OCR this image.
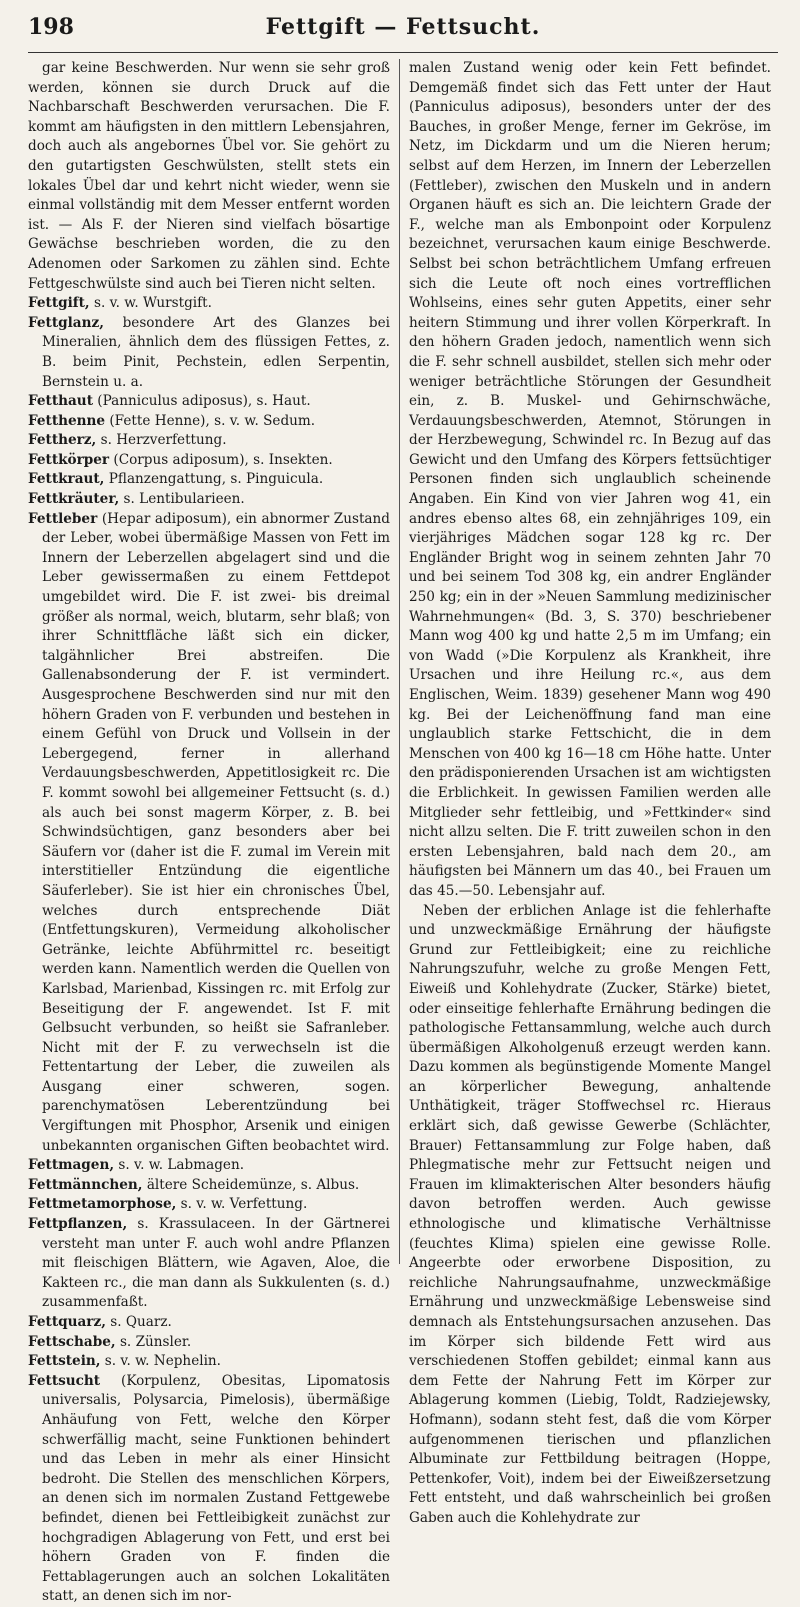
198	Fettgift — Fettsucht.

gar keine Beschwerden. Nur wenn sie sehr groß werden, können sie durch Druck auf die Nachbarschaft Beschwerden verursachen. Die F. kommt am häufigsten in den mittlern Lebensjahren, doch auch als angebornes Übel vor. Sie gehört zu den gutartigsten Geschwülsten, stellt stets ein lokales Übel dar und kehrt nicht wieder, wenn sie einmal vollständig mit dem Messer entfernt worden ist. — Als F. der Nieren sind vielfach bösartige Gewächse beschrieben worden, die zu den Adenomen oder Sarkomen zu zählen sind. Echte Fettgeschwülste sind auch bei Tieren nicht selten.

Fettgift, s. v. w. Wurstgift.

Fettglanz, besondere Art des Glanzes bei Mineralien, ähnlich dem des flüssigen Fettes, z. B. beim Pinit, Pechstein, edlen Serpentin, Bernstein u. a.

Fetthaut (Panniculus adiposus), s. Haut.

Fetthenne (Fette Henne), s. v. w. Sedum.

Fettherz, s. Herzverfettung.

Fettkörper (Corpus adiposum), s. Insekten.

Fettkraut, Pflanzengattung, s. Pinguicula.

Fettkräuter, s. Lentibularieen.

Fettleber (Hepar adiposum), ein abnormer Zustand der Leber, wobei übermäßige Massen von Fett im Innern der Leberzellen abgelagert sind und die Leber gewissermaßen zu einem Fettdepot umgebildet wird. Die F. ist zwei- bis dreimal größer als normal, weich, blutarm, sehr blaß; von ihrer Schnittfläche läßt sich ein dicker, talgähnlicher Brei abstreifen. Die Gallenabsonderung der F. ist vermindert. Ausgesprochene Beschwerden sind nur mit den höhern Graden von F. verbunden und bestehen in einem Gefühl von Druck und Vollsein in der Lebergegend, ferner in allerhand Verdauungsbeschwerden, Appetitlosigkeit rc. Die F. kommt sowohl bei allgemeiner Fettsucht (s. d.) als auch bei sonst magerm Körper, z. B. bei Schwindsüchtigen, ganz besonders aber bei Säufern vor (daher ist die F. zumal im Verein mit interstitieller Entzündung die eigentliche Säuferleber). Sie ist hier ein chronisches Übel, welches durch entsprechende Diät (Entfettungskuren), Vermeidung alkoholischer Getränke, leichte Abführmittel rc. beseitigt werden kann. Namentlich werden die Quellen von Karlsbad, Marienbad, Kissingen rc. mit Erfolg zur Beseitigung der F. angewendet. Ist F. mit Gelbsucht verbunden, so heißt sie Safranleber. Nicht mit der F. zu verwechseln ist die Fettentartung der Leber, die zuweilen als Ausgang einer schweren, sogen. parenchymatösen Leberentzündung bei Vergiftungen mit Phosphor, Arsenik und einigen unbekannten organischen Giften beobachtet wird.

Fettmagen, s. v. w. Labmagen.

Fettmännchen, ältere Scheidemünze, s. Albus.

Fettmetamorphose, s. v. w. Verfettung.

Fettpflanzen, s. Krassulaceen. In der Gärtnerei versteht man unter F. auch wohl andre Pflanzen mit fleischigen Blättern, wie Agaven, Aloe, die Kakteen rc., die man dann als Sukkulenten (s. d.) zusammenfaßt.

Fettquarz, s. Quarz.

Fettschabe, s. Zünsler.

Fettstein, s. v. w. Nephelin.

Fettsucht (Korpulenz, Obesitas, Lipomatosis universalis, Polysarcia, Pimelosis), übermäßige Anhäufung von Fett, welche den Körper schwerfällig macht, seine Funktionen behindert und das Leben in mehr als einer Hinsicht bedroht. Die Stellen des menschlichen Körpers, an denen sich im normalen Zustand Fettgewebe befindet, dienen bei Fettleibigkeit zunächst zur hochgradigen Ablagerung von Fett, und erst bei höhern Graden von F. finden die Fettablagerungen auch an solchen Lokalitäten statt, an denen sich im nor-

malen Zustand wenig oder kein Fett befindet. Demgemäß findet sich das Fett unter der Haut (Panniculus adiposus), besonders unter der des Bauches, in großer Menge, ferner im Gekröse, im Netz, im Dickdarm und um die Nieren herum; selbst auf dem Herzen, im Innern der Leberzellen (Fettleber), zwischen den Muskeln und in andern Organen häuft es sich an. Die leichtern Grade der F., welche man als Embonpoint oder Korpulenz bezeichnet, verursachen kaum einige Beschwerde. Selbst bei schon beträchtlichem Umfang erfreuen sich die Leute oft noch eines vortrefflichen Wohlseins, eines sehr guten Appetits, einer sehr heitern Stimmung und ihrer vollen Körperkraft. In den höhern Graden jedoch, namentlich wenn sich die F. sehr schnell ausbildet, stellen sich mehr oder weniger beträchtliche Störungen der Gesundheit ein, z. B. Muskel- und Gehirnschwäche, Verdauungsbeschwerden, Atemnot, Störungen in der Herzbewegung, Schwindel rc. In Bezug auf das Gewicht und den Umfang des Körpers fettsüchtiger Personen finden sich unglaublich scheinende Angaben. Ein Kind von vier Jahren wog 41, ein andres ebenso altes 68, ein zehnjähriges 109, ein vierjähriges Mädchen sogar 128 kg rc. Der Engländer Bright wog in seinem zehnten Jahr 70 und bei seinem Tod 308 kg, ein andrer Engländer 250 kg; ein in der »Neuen Sammlung medizinischer Wahrnehmungen« (Bd. 3, S. 370) beschriebener Mann wog 400 kg und hatte 2,5 m im Umfang; ein von Wadd (»Die Korpulenz als Krankheit, ihre Ursachen und ihre Heilung rc.«, aus dem Englischen, Weim. 1839) gesehener Mann wog 490 kg. Bei der Leichenöffnung fand man eine unglaublich starke Fettschicht, die in dem Menschen von 400 kg 16—18 cm Höhe hatte. Unter den prädisponierenden Ursachen ist am wichtigsten die Erblichkeit. In gewissen Familien werden alle Mitglieder sehr fettleibig, und »Fettkinder« sind nicht allzu selten. Die F. tritt zuweilen schon in den ersten Lebensjahren, bald nach dem 20., am häufigsten bei Männern um das 40., bei Frauen um das 45.—50. Lebensjahr auf.

Neben der erblichen Anlage ist die fehlerhafte und unzweckmäßige Ernährung der häufigste Grund zur Fettleibigkeit; eine zu reichliche Nahrungszufuhr, welche zu große Mengen Fett, Eiweiß und Kohlehydrate (Zucker, Stärke) bietet, oder einseitige fehlerhafte Ernährung bedingen die pathologische Fettansammlung, welche auch durch übermäßigen Alkoholgenuß erzeugt werden kann. Dazu kommen als begünstigende Momente Mangel an körperlicher Bewegung, anhaltende Unthätigkeit, träger Stoffwechsel rc. Hieraus erklärt sich, daß gewisse Gewerbe (Schlächter, Brauer) Fettansammlung zur Folge haben, daß Phlegmatische mehr zur Fettsucht neigen und Frauen im klimakterischen Alter besonders häufig davon betroffen werden. Auch gewisse ethnologische und klimatische Verhältnisse (feuchtes Klima) spielen eine gewisse Rolle. Angeerbte oder erworbene Disposition, zu reichliche Nahrungsaufnahme, unzweckmäßige Ernährung und unzweckmäßige Lebensweise sind demnach als Entstehungsursachen anzusehen. Das im Körper sich bildende Fett wird aus verschiedenen Stoffen gebildet; einmal kann aus dem Fette der Nahrung Fett im Körper zur Ablagerung kommen (Liebig, Toldt, Radziejewsky, Hofmann), sodann steht fest, daß die vom Körper aufgenommenen tierischen und pflanzlichen Albuminate zur Fettbildung beitragen (Hoppe, Pettenkofer, Voit), indem bei der Eiweißzersetzung Fett entsteht, und daß wahrscheinlich bei großen Gaben auch die Kohlehydrate zur
